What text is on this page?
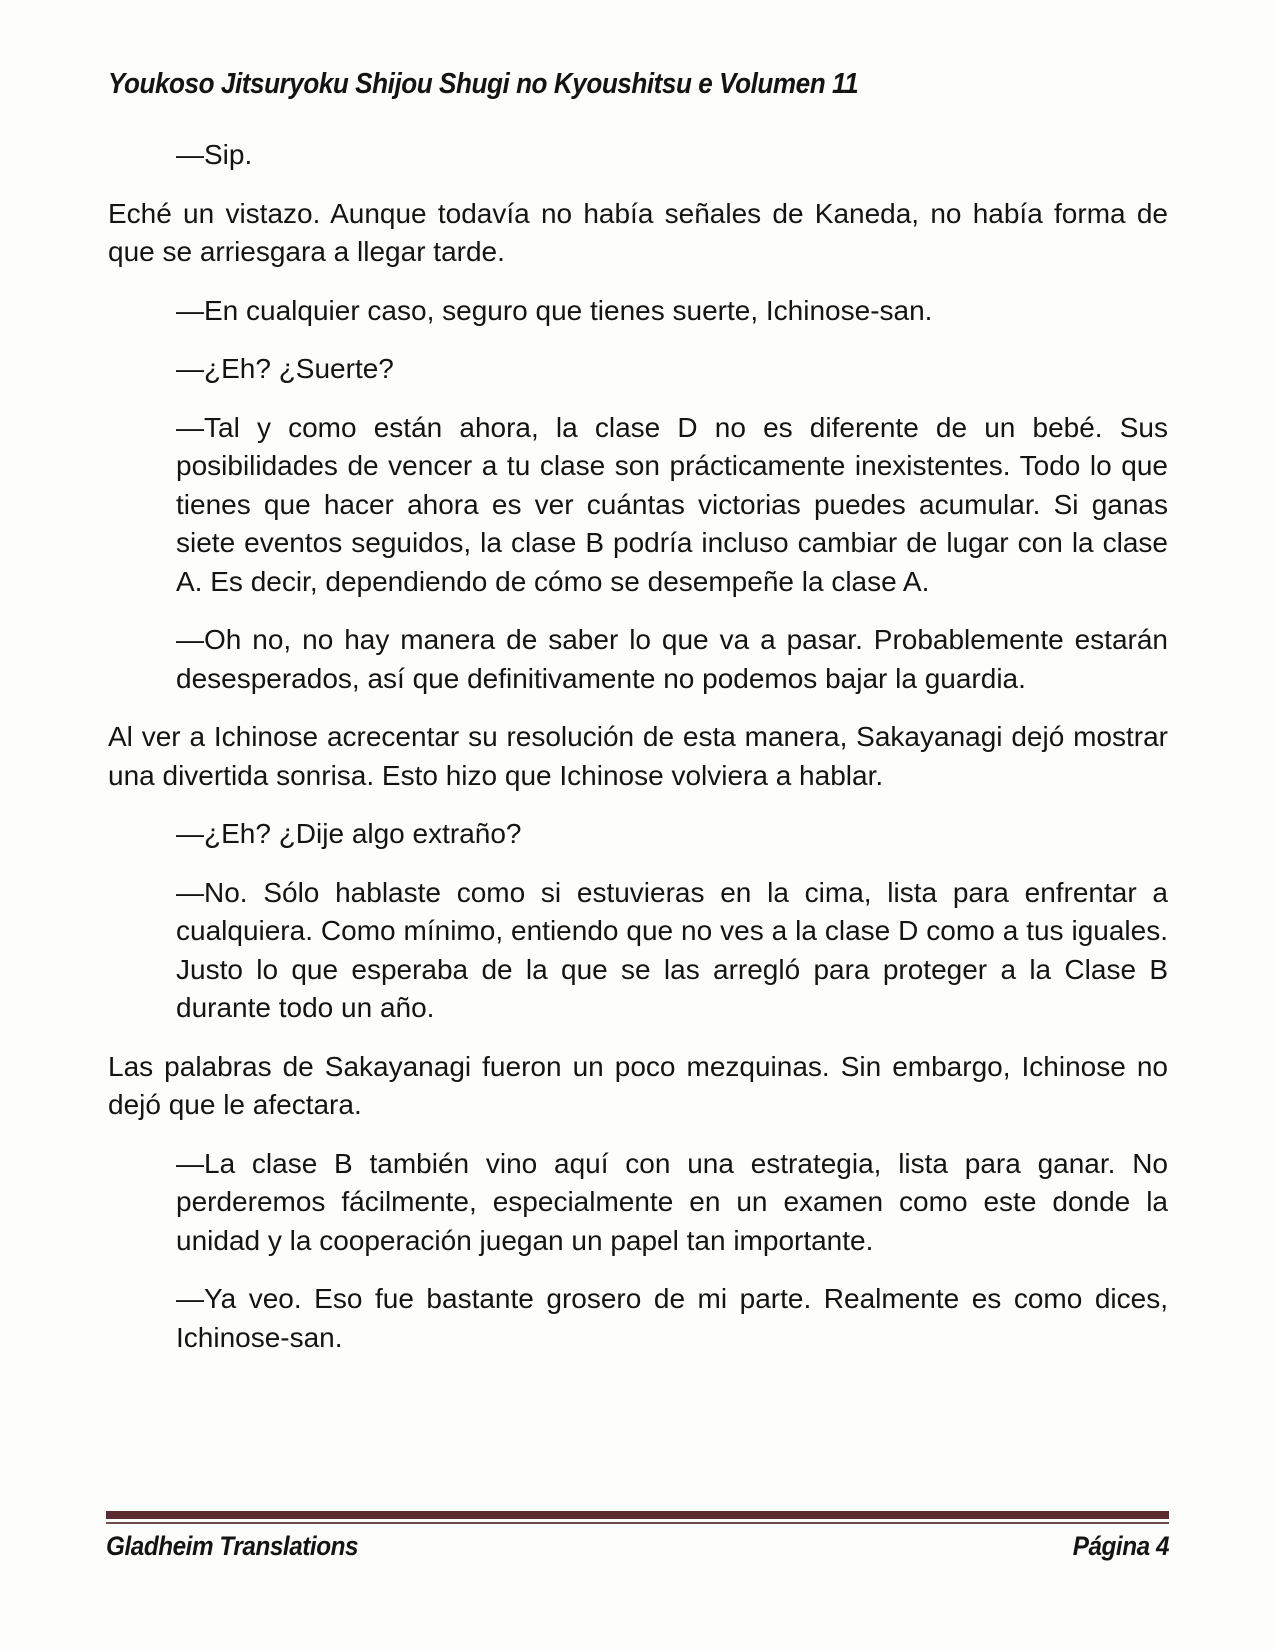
Youkoso Jitsuryoku Shijou Shugi no Kyoushitsu e Volumen 11

—Sip.

Eché un vistazo. Aunque todavía no había señales de Kaneda, no había forma de que se arriesgara a llegar tarde.

—En cualquier caso, seguro que tienes suerte, Ichinose-san.

—¿Eh? ¿Suerte?

—Tal y como están ahora, la clase D no es diferente de un bebé. Sus posibilidades de vencer a tu clase son prácticamente inexistentes. Todo lo que tienes que hacer ahora es ver cuántas victorias puedes acumular. Si ganas siete eventos seguidos, la clase B podría incluso cambiar de lugar con la clase A. Es decir, dependiendo de cómo se desempeñe la clase A.

—Oh no, no hay manera de saber lo que va a pasar. Probablemente estarán desesperados, así que definitivamente no podemos bajar la guardia.

Al ver a Ichinose acrecentar su resolución de esta manera, Sakayanagi dejó mostrar una divertida sonrisa. Esto hizo que Ichinose volviera a hablar.

—¿Eh? ¿Dije algo extraño?

—No. Sólo hablaste como si estuvieras en la cima, lista para enfrentar a cualquiera. Como mínimo, entiendo que no ves a la clase D como a tus iguales. Justo lo que esperaba de la que se las arregló para proteger a la Clase B durante todo un año.

Las palabras de Sakayanagi fueron un poco mezquinas. Sin embargo, Ichinose no dejó que le afectara.

—La clase B también vino aquí con una estrategia, lista para ganar. No perderemos fácilmente, especialmente en un examen como este donde la unidad y la cooperación juegan un papel tan importante.

—Ya veo. Eso fue bastante grosero de mi parte. Realmente es como dices, Ichinose-san.

Gladheim Translations	Página 4
